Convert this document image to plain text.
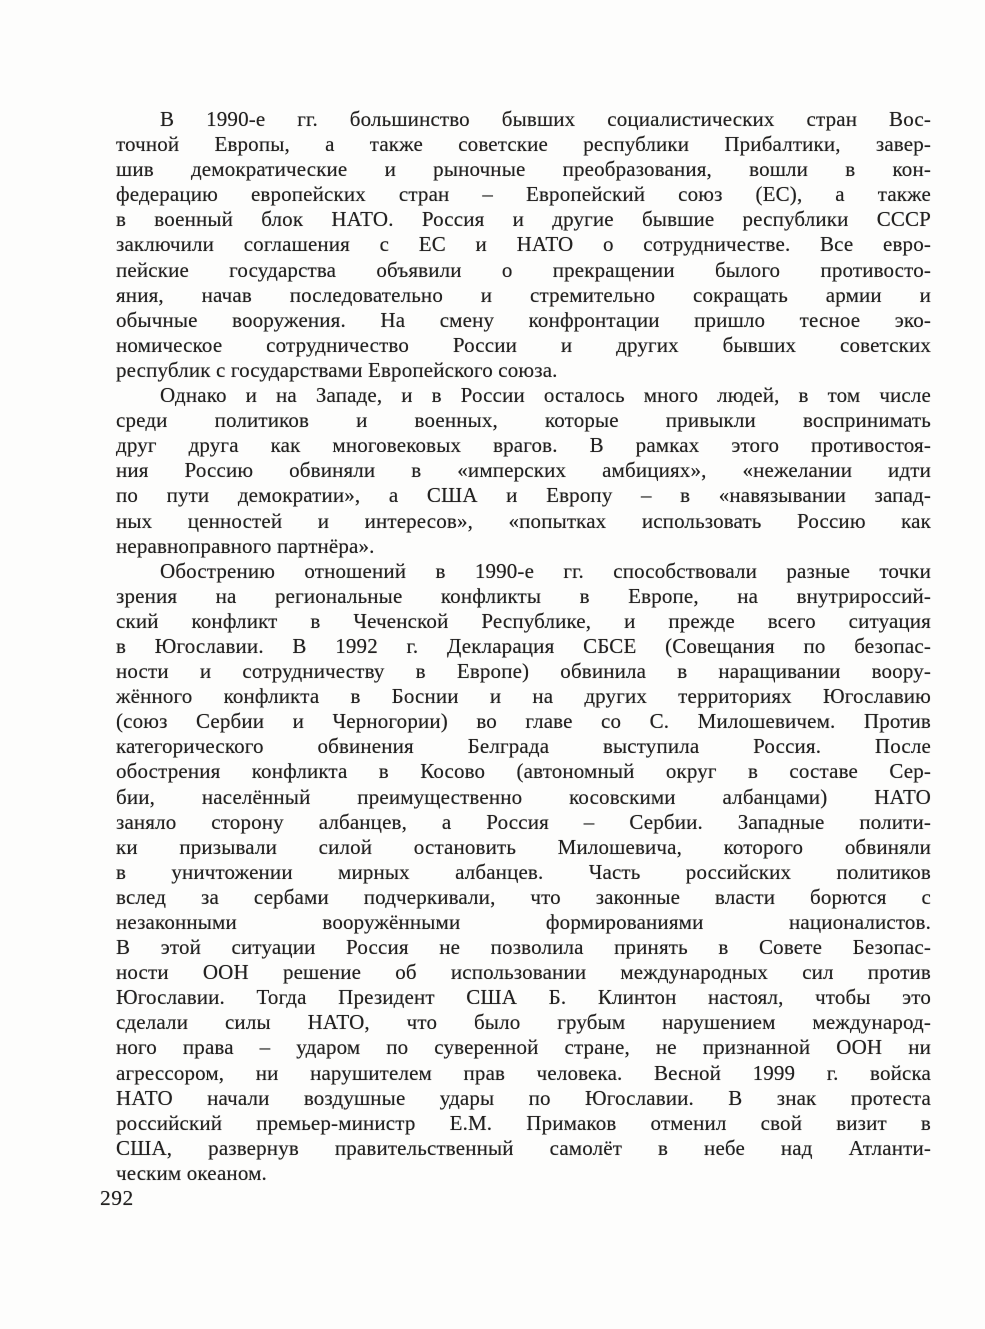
В 1990-е гг. большинство бывших социалистических стран Вос-
точной Европы, а также советские республики Прибалтики, завер-
шив демократические и рыночные преобразования, вошли в кон-
федерацию европейских стран – Европейский союз (ЕС), а также
в военный блок НАТО. Россия и другие бывшие республики СССР
заключили соглашения с ЕС и НАТО о сотрудничестве. Все евро-
пейские государства объявили о прекращении былого противосто-
яния, начав последовательно и стремительно сокращать армии и
обычные вооружения. На смену конфронтации пришло тесное эко-
номическое сотрудничество России и других бывших советских
республик с государствами Европейского союза.
Однако и на Западе, и в России осталось много людей, в том числе
среди политиков и военных, которые привыкли воспринимать
друг друга как многовековых врагов. В рамках этого противостоя-
ния Россию обвиняли в «имперских амбициях», «нежелании идти
по пути демократии», а США и Европу – в «навязывании запад-
ных ценностей и интересов», «попытках использовать Россию как
неравноправного партнёра».
Обострению отношений в 1990-е гг. способствовали разные точки
зрения на региональные конфликты в Европе, на внутрироссий-
ский конфликт в Чеченской Республике, и прежде всего ситуация
в Югославии. В 1992 г. Декларация СБСЕ (Совещания по безопас-
ности и сотрудничеству в Европе) обвинила в наращивании воору-
жённого конфликта в Боснии и на других территориях Югославию
(союз Сербии и Черногории) во главе со С. Милошевичем. Против
категорического обвинения Белграда выступила Россия. После
обострения конфликта в Косово (автономный округ в составе Сер-
бии, населённый преимущественно косовскими албанцами) НАТО
заняло сторону албанцев, а Россия – Сербии. Западные полити-
ки призывали силой остановить Милошевича, которого обвиняли
в уничтожении мирных албанцев. Часть российских политиков
вслед за сербами подчеркивали, что законные власти борются с
незаконными вооружёнными формированиями националистов.
В этой ситуации Россия не позволила принять в Совете Безопас-
ности ООН решение об использовании международных сил против
Югославии. Тогда Президент США Б. Клинтон настоял, чтобы это
сделали силы НАТО, что было грубым нарушением международ-
ного права – ударом по суверенной стране, не признанной ООН ни
агрессором, ни нарушителем прав человека. Весной 1999 г. войска
НАТО начали воздушные удары по Югославии. В знак протеста
российский премьер-министр Е.М. Примаков отменил свой визит в
США, развернув правительственный самолёт в небе над Атланти-
ческим океаном.
292
